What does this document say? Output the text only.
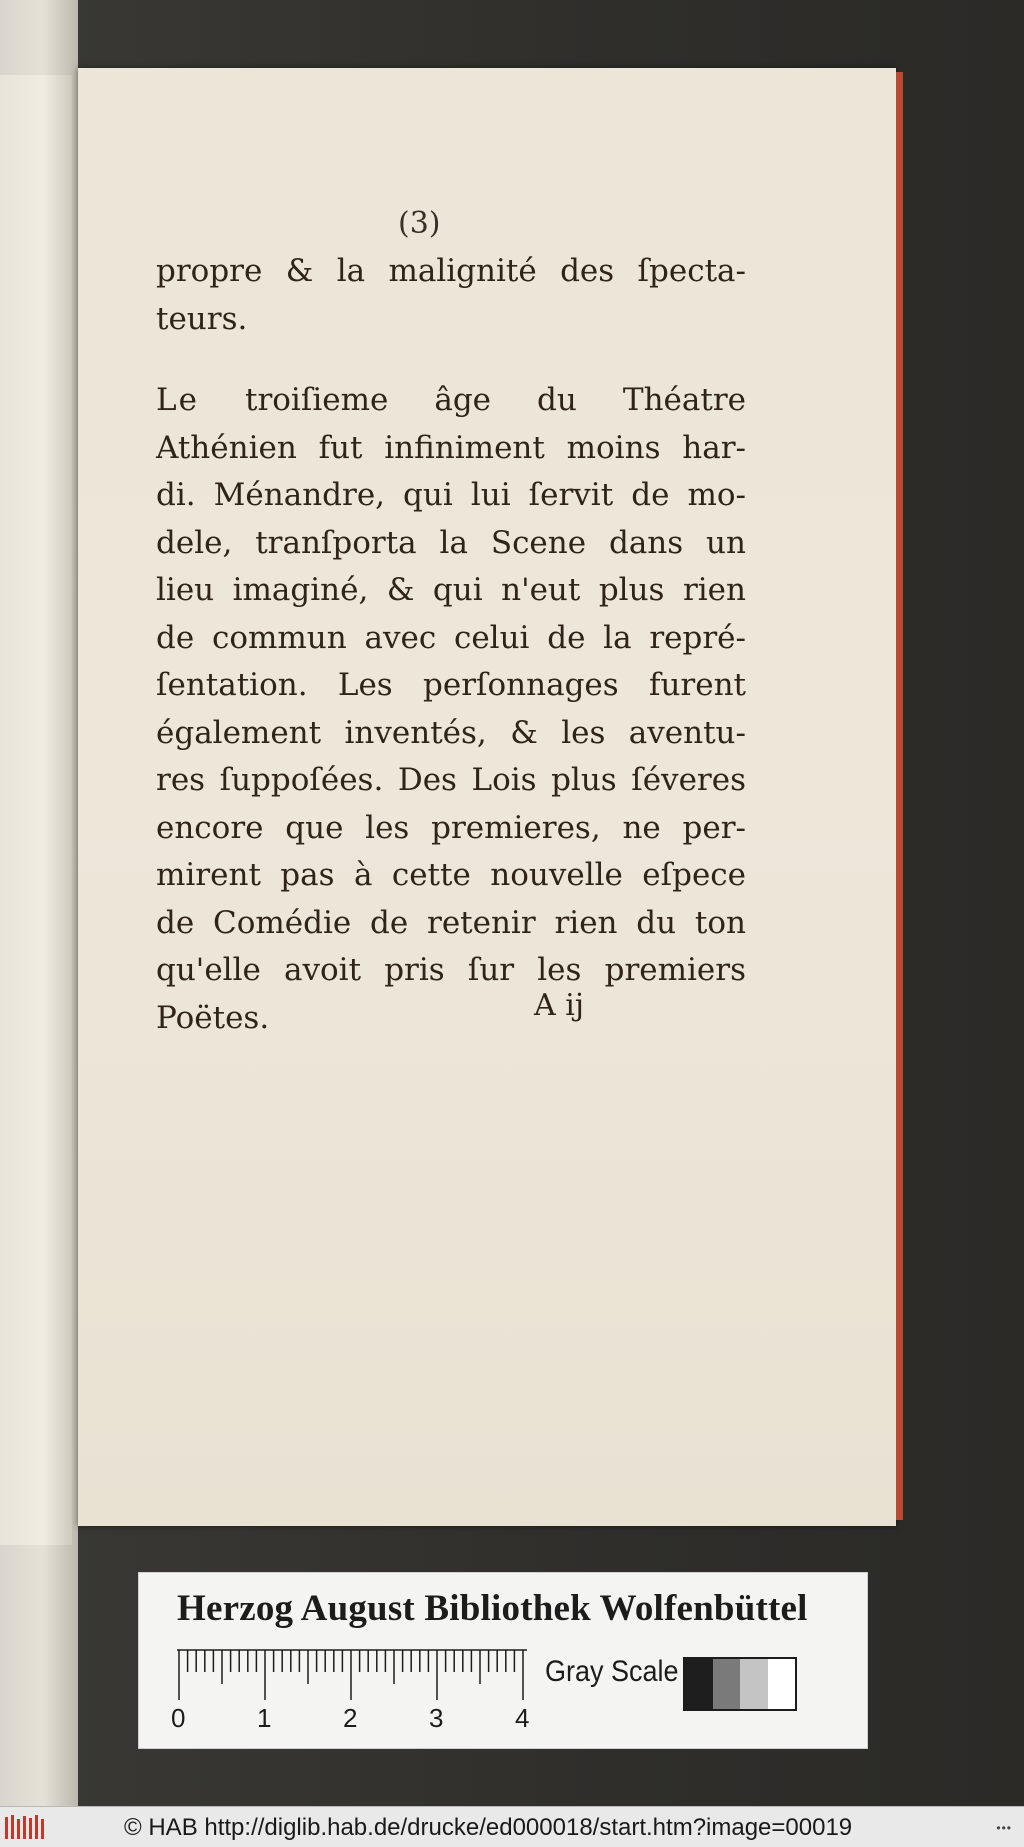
(3)
propre & la malignité des ſpecta-
teurs.
Le troiſieme âge du Théatre
Athénien fut infiniment moins har-
di. Ménandre, qui lui ſervit de mo-
dele, tranſporta la Scene dans un
lieu imaginé, & qui n'eut plus rien
de commun avec celui de la repré-
ſentation. Les perſonnages furent
également inventés, & les aventu-
res ſuppoſées. Des Lois plus ſéveres
encore que les premieres, ne per-
mirent pas à cette nouvelle eſpece
de Comédie de retenir rien du ton
qu'elle avoit pris ſur les premiers
Poëtes.	A ij
Herzog August Bibliothek Wolfenbüttel
0	1	2	3	4
Gray Scale
© HAB http://diglib.hab.de/drucke/ed000018/start.htm?image=00019	•••
